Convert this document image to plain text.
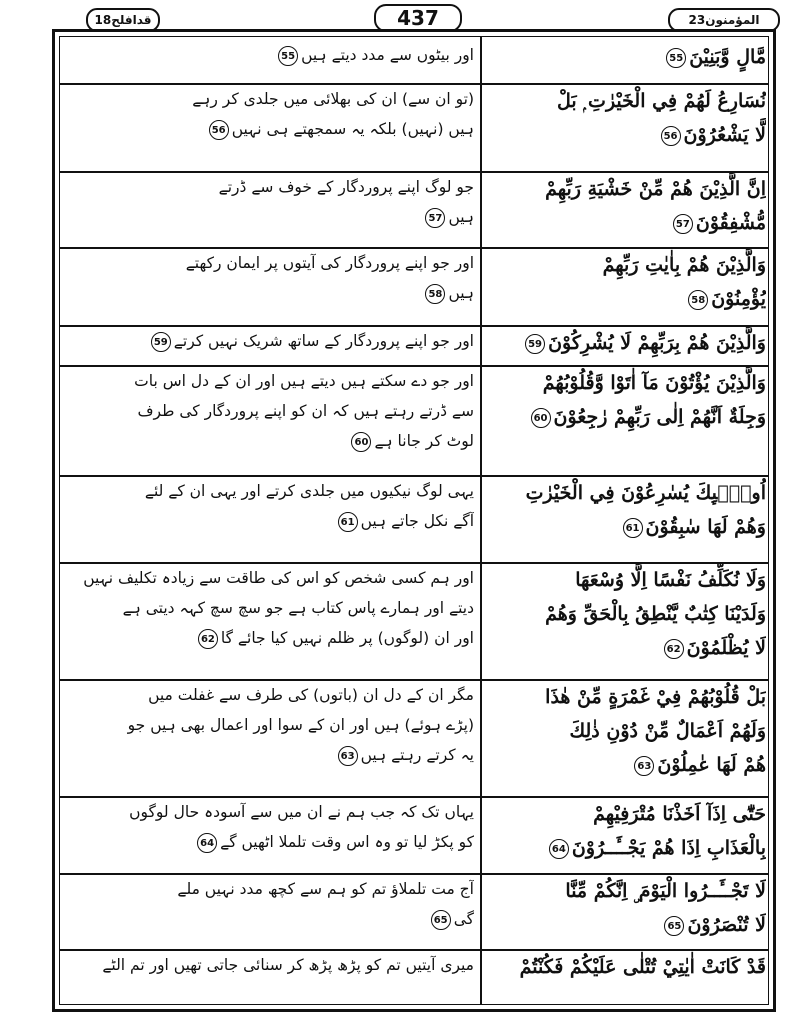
قدافلح18	437	المؤمنون23
مَّالٍ وَّبَنِيْنَ55
اور بیٹوں سے مدد دیتے ہیں55
نُسَارِعُ لَهُمْ فِي الْخَيْرٰتِ ۭ بَلْ
لَّا يَشْعُرُوْنَ56
(تو ان سے) ان کی بھلائی میں جلدی کر رہے
ہیں (نہیں) بلکہ یہ سمجھتے ہی نہیں56
اِنَّ الَّذِيْنَ هُمْ مِّنْ خَشْيَةِ رَبِّهِمْ
مُّشْفِقُوْنَ57
جو لوگ اپنے پروردگار کے خوف سے ڈرتے
ہیں57
وَالَّذِيْنَ هُمْ بِاٰيٰتِ رَبِّهِمْ
يُؤْمِنُوْنَ58
اور جو اپنے پروردگار کی آیتوں پر ایمان رکھتے
ہیں58
وَالَّذِيْنَ هُمْ بِرَبِّهِمْ لَا يُشْرِكُوْنَ59
اور جو اپنے پروردگار کے ساتھ شریک نہیں کرتے59
وَالَّذِيْنَ يُؤْتُوْنَ مَآ اٰتَوْا وَّقُلُوْبُهُمْ
وَجِلَةٌ اَنَّهُمْ اِلٰى رَبِّهِمْ رٰجِعُوْنَ60
اور جو دے سکتے ہیں دیتے ہیں اور ان کے دل اس بات
سے ڈرتے رہتے ہیں کہ ان کو اپنے پروردگار کی طرف
لوٹ کر جانا ہے60
اُولٰۗىِٕكَ يُسٰرِعُوْنَ فِي الْخَيْرٰتِ
وَهُمْ لَهَا سٰبِقُوْنَ61
یہی لوگ نیکیوں میں جلدی کرتے اور یہی ان کے لئے
آگے نکل جاتے ہیں61
وَلَا نُكَلِّفُ نَفْسًا اِلَّا وُسْعَهَا
وَلَدَيْنَا كِتٰبٌ يَّنْطِقُ بِالْحَقِّ وَهُمْ
لَا يُظْلَمُوْنَ62
اور ہم کسی شخص کو اس کی طاقت سے زیادہ تکلیف نہیں
دیتے اور ہمارے پاس کتاب ہے جو سچ سچ کہہ دیتی ہے
اور ان (لوگوں) پر ظلم نہیں کیا جائے گا62
بَلْ قُلُوْبُهُمْ فِيْ غَمْرَةٍ مِّنْ هٰذَا
وَلَهُمْ اَعْمَالٌ مِّنْ دُوْنِ ذٰلِكَ
هُمْ لَهَا عٰمِلُوْنَ63
مگر ان کے دل ان (باتوں) کی طرف سے غفلت میں
(پڑے ہوئے) ہیں اور ان کے سوا اور اعمال بھی ہیں جو
یہ کرتے رہتے ہیں63
حَتّٰٓى اِذَآ اَخَذْنَا مُتْرَفِيْهِمْ
بِالْعَذَابِ اِذَا هُمْ يَجْــَٔــرُوْنَ64
یہاں تک کہ جب ہم نے ان میں سے آسودہ حال لوگوں
کو پکڑ لیا تو وہ اس وقت تلملا اٹھیں گے64
لَا تَجْــَٔــرُوا الْيَوْمَ ۣ اِنَّكُمْ مِّنَّا
لَا تُنْصَرُوْنَ65
آج مت تلملاؤ تم کو ہم سے کچھ مدد نہیں ملے
گی65
قَدْ كَانَتْ اٰيٰتِيْ تُتْلٰى عَلَيْكُمْ فَكُنْتُمْ
میری آیتیں تم کو پڑھ پڑھ کر سنائی جاتی تھیں اور تم الٹے
